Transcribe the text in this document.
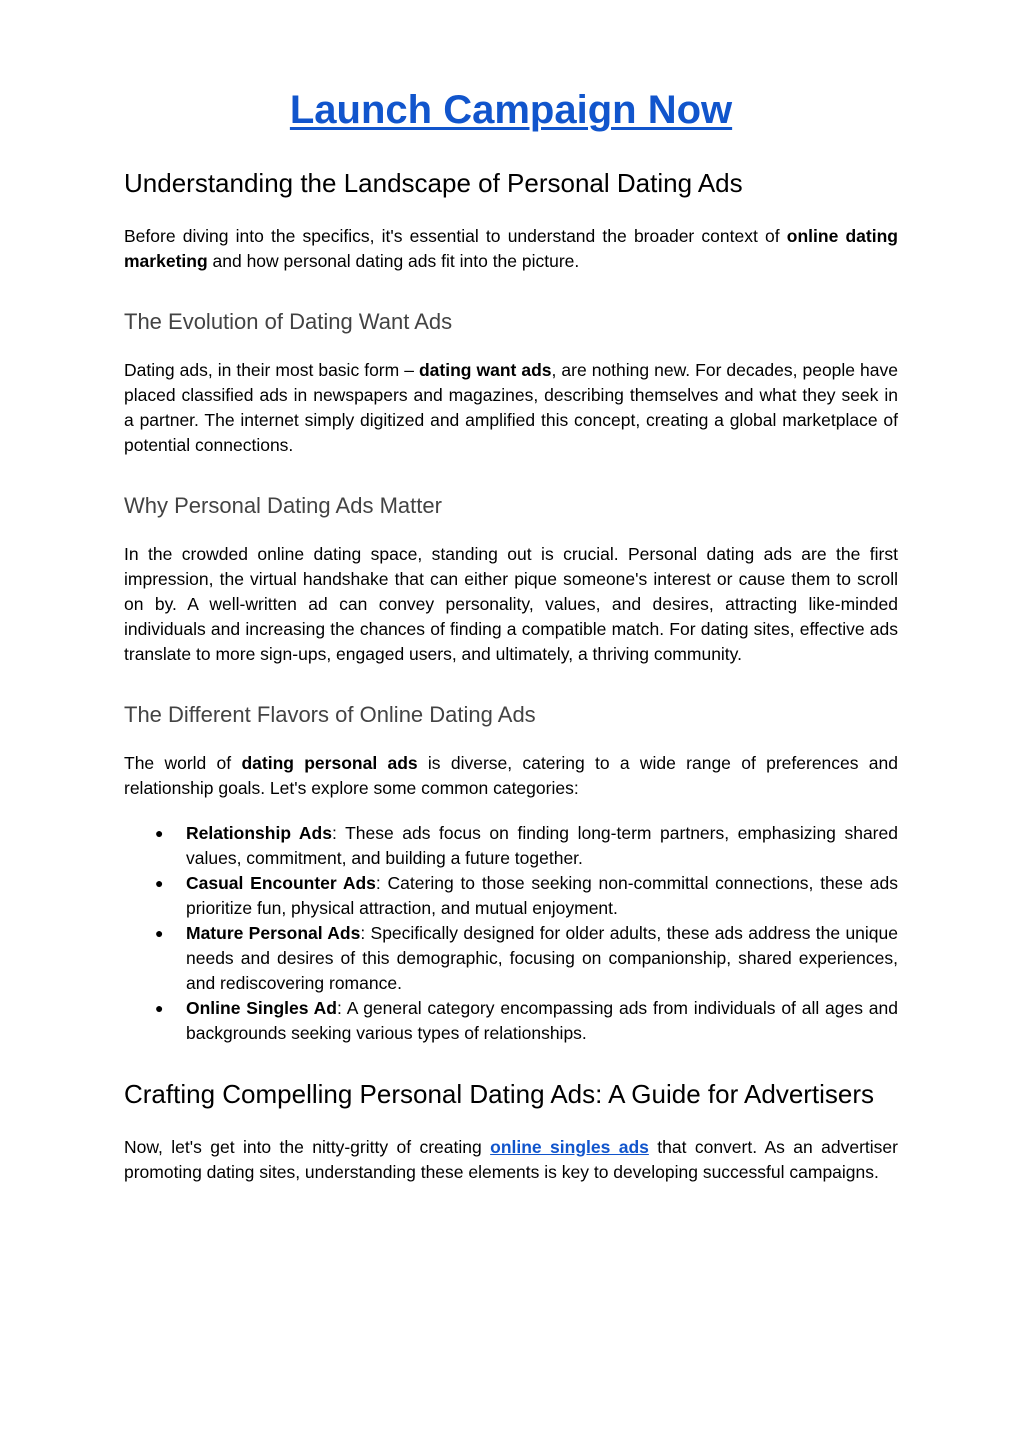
Launch Campaign Now
Understanding the Landscape of Personal Dating Ads

Before diving into the specifics, it's essential to understand the broader context of online dating marketing and how personal dating ads fit into the picture.

The Evolution of Dating Want Ads

Dating ads, in their most basic form – dating want ads, are nothing new. For decades, people have placed classified ads in newspapers and magazines, describing themselves and what they seek in a partner. The internet simply digitized and amplified this concept, creating a global marketplace of potential connections.

Why Personal Dating Ads Matter

In the crowded online dating space, standing out is crucial. Personal dating ads are the first impression, the virtual handshake that can either pique someone's interest or cause them to scroll on by. A well-written ad can convey personality, values, and desires, attracting like-minded individuals and increasing the chances of finding a compatible match. For dating sites, effective ads translate to more sign-ups, engaged users, and ultimately, a thriving community.

The Different Flavors of Online Dating Ads

The world of dating personal ads is diverse, catering to a wide range of preferences and relationship goals. Let's explore some common categories:

● Relationship Ads: These ads focus on finding long-term partners, emphasizing shared values, commitment, and building a future together.
● Casual Encounter Ads: Catering to those seeking non-committal connections, these ads prioritize fun, physical attraction, and mutual enjoyment.
● Mature Personal Ads: Specifically designed for older adults, these ads address the unique needs and desires of this demographic, focusing on companionship, shared experiences, and rediscovering romance.
● Online Singles Ad: A general category encompassing ads from individuals of all ages and backgrounds seeking various types of relationships.
Crafting Compelling Personal Dating Ads: A Guide for Advertisers

Now, let's get into the nitty-gritty of creating online singles ads that convert. As an advertiser promoting dating sites, understanding these elements is key to developing successful campaigns.
